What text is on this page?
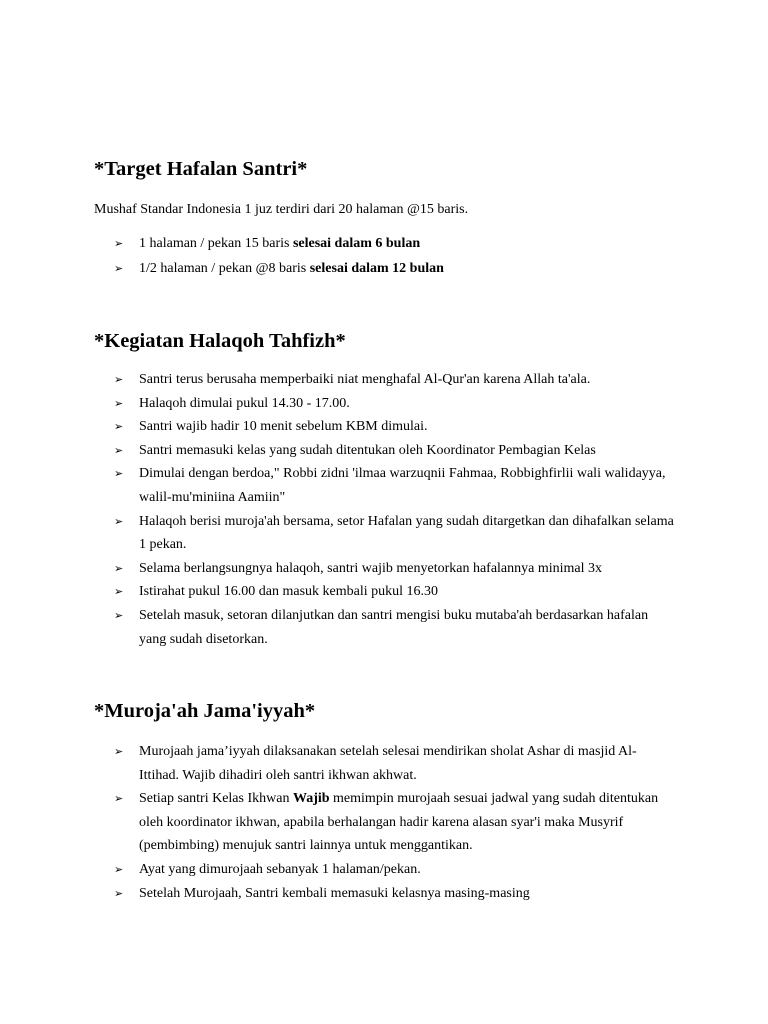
*Target Hafalan Santri*

Mushaf Standar Indonesia 1 juz terdiri dari 20 halaman @15 baris.

➢ 1 halaman / pekan 15 baris selesai dalam 6 bulan
➢ 1/2 halaman / pekan @8 baris selesai dalam 12 bulan
*Kegiatan Halaqoh Tahfizh*
➢ Santri terus berusaha memperbaiki niat menghafal Al-Qur'an karena Allah ta'ala.
➢ Halaqoh dimulai pukul 14.30 - 17.00.
➢ Santri wajib hadir 10 menit sebelum KBM dimulai.
➢ Santri memasuki kelas yang sudah ditentukan oleh Koordinator Pembagian Kelas
➢ Dimulai dengan berdoa," Robbi zidni 'ilmaa warzuqnii Fahmaa, Robbighfirlii wali walidayya, walil-mu'miniina Aamiin"
➢ Halaqoh berisi muroja'ah bersama, setor Hafalan yang sudah ditargetkan dan dihafalkan selama 1 pekan.
➢ Selama berlangsungnya halaqoh, santri wajib menyetorkan hafalannya minimal 3x
➢ Istirahat pukul 16.00 dan masuk kembali pukul 16.30
➢ Setelah masuk, setoran dilanjutkan dan santri mengisi buku mutaba'ah berdasarkan hafalan yang sudah disetorkan.
*Muroja'ah Jama'iyyah*
➢ Murojaah jama’iyyah dilaksanakan setelah selesai mendirikan sholat Ashar di masjid Al-Ittihad. Wajib dihadiri oleh santri ikhwan akhwat.
➢ Setiap santri Kelas Ikhwan Wajib memimpin murojaah sesuai jadwal yang sudah ditentukan oleh koordinator ikhwan, apabila berhalangan hadir karena alasan syar'i maka Musyrif (pembimbing) menujuk santri lainnya untuk menggantikan.
➢ Ayat yang dimurojaah sebanyak 1 halaman/pekan.
➢ Setelah Murojaah, Santri kembali memasuki kelasnya masing-masing
